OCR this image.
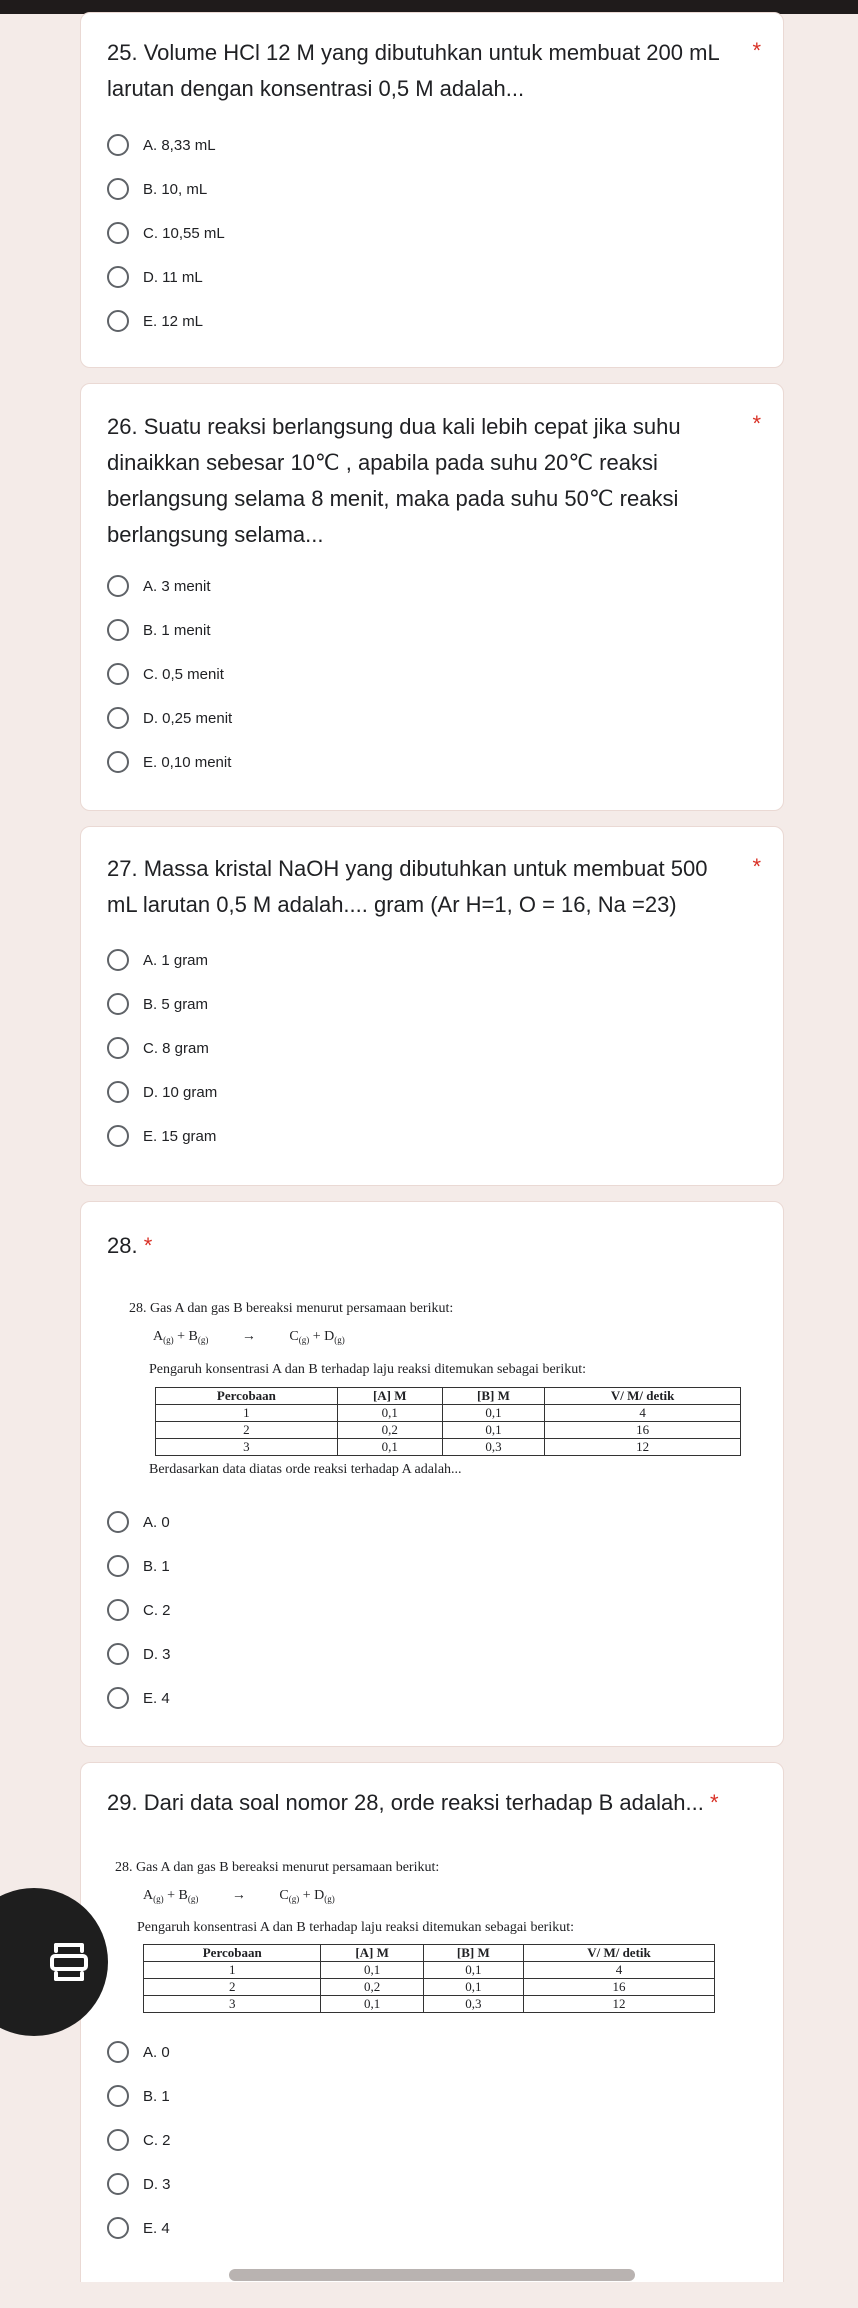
25. Volume HCl 12 M yang dibutuhkan untuk membuat 200 mL
larutan dengan konsentrasi 0,5 M adalah...
*
A. 8,33 mL
B. 10, mL
C. 10,55 mL
D. 11 mL
E. 12 mL
26. Suatu reaksi berlangsung dua kali lebih cepat jika suhu
dinaikkan sebesar 10℃ , apabila pada suhu 20℃ reaksi
berlangsung selama 8 menit, maka pada suhu 50℃ reaksi
berlangsung selama...
*
A. 3 menit
B. 1 menit
C. 0,5 menit
D. 0,25 menit
E. 0,10 menit
27. Massa kristal NaOH yang dibutuhkan untuk membuat 500
mL larutan 0,5 M adalah.... gram (Ar H=1, O = 16, Na =23)
*
A. 1 gram
B. 5 gram
C. 8 gram
D. 10 gram
E. 15 gram
28. *
28. Gas A dan gas B bereaksi menurut persamaan berikut:
$A_{(g)} + B_{(g)} \to C_{(g)} + D_{(g)}$
Pengaruh konsentrasi A dan B terhadap laju reaksi ditemukan sebagai berikut:
Percobaan	[A] M	[B] M	V/ M/ detik
1	0,1	0,1	4
2	0,2	0,1	16
3	0,1	0,3	12
Berdasarkan data diatas orde reaksi terhadap A adalah...
A. 0
B. 1
C. 2
D. 3
E. 4
29. Dari data soal nomor 28, orde reaksi terhadap B adalah... *
28. Gas A dan gas B bereaksi menurut persamaan berikut:
$A_{(g)} + B_{(g)} \to C_{(g)} + D_{(g)}$
Pengaruh konsentrasi A dan B terhadap laju reaksi ditemukan sebagai berikut:
Percobaan	[A] M	[B] M	V/ M/ detik
1	0,1	0,1	4
2	0,2	0,1	16
3	0,1	0,3	12
A. 0
B. 1
C. 2
D. 3
E. 4
